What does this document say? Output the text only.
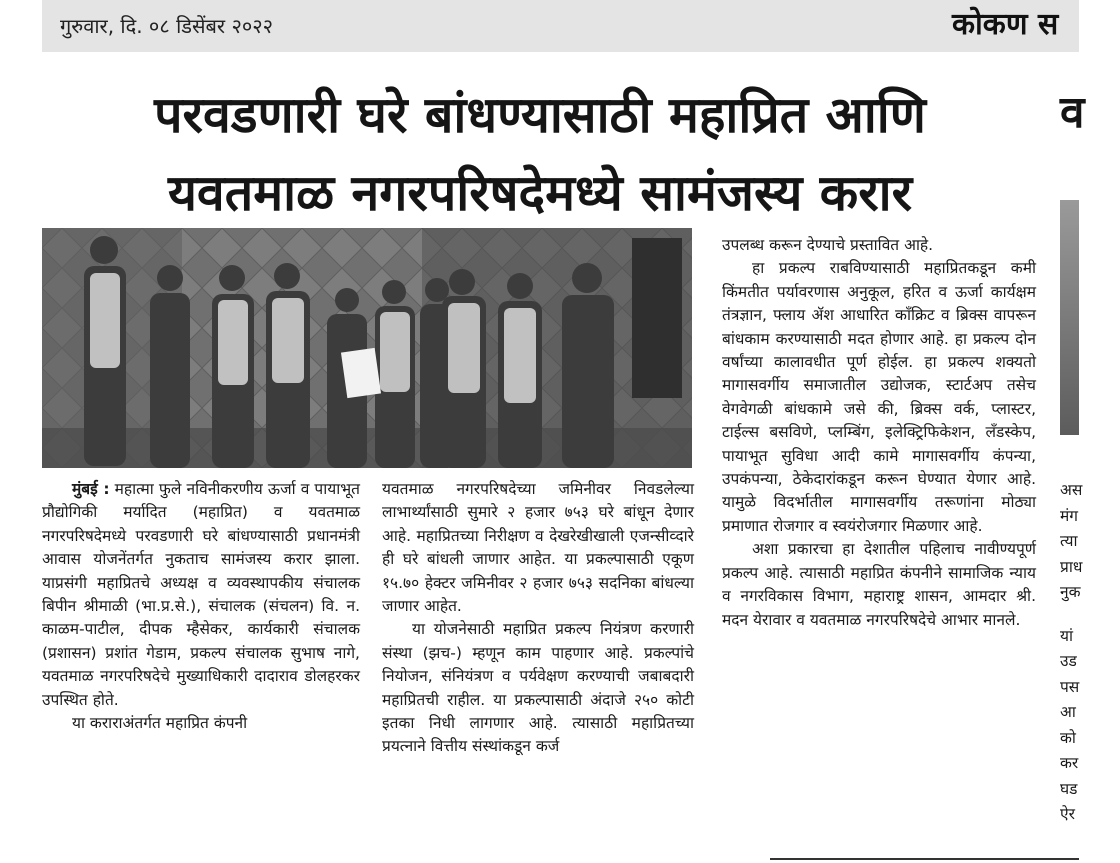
गुरुवार, दि. ०८ डिसेंबर २०२२	कोकण स
परवडणारी घरे बांधण्यासाठी महाप्रित आणि
यवतमाळ नगरपरिषदेमध्ये सामंजस्य करार
व

मुंबई : महात्मा फुले नविनीकरणीय ऊर्जा व पायाभूत प्रौद्योगिकी मर्यादित (महाप्रित) व यवतमाळ नगरपरिषदेमध्ये परवडणारी घरे बांधण्यासाठी प्रधानमंत्री आवास योजनेंतर्गत नुकताच सामंजस्य करार झाला. याप्रसंगी महाप्रितचे अध्यक्ष व व्यवस्थापकीय संचालक बिपीन श्रीमाळी (भा.प्र.से.), संचालक (संचलन) वि. न. काळम-पाटील, दीपक म्हैसेकर, कार्यकारी संचालक (प्रशासन) प्रशांत गेडाम, प्रकल्प संचालक सुभाष नागे, यवतमाळ नगरपरिषदेचे मुख्याधिकारी दादाराव डोलहरकर उपस्थित होते.

या कराराअंतर्गत महाप्रित कंपनी

यवतमाळ नगरपरिषदेच्या जमिनीवर निवडलेल्या लाभार्थ्यांसाठी सुमारे २ हजार ७५३ घरे बांधून देणार आहे. महाप्रितच्या निरीक्षण व देखरेखीखाली एजन्सीव्दारे ही घरे बांधली जाणार आहेत. या प्रकल्पासाठी एकूण १५.७० हेक्टर जमिनीवर २ हजार ७५३ सदनिका बांधल्या जाणार आहेत.

या योजनेसाठी महाप्रित प्रकल्प नियंत्रण करणारी संस्था (झच-) म्हणून काम पाहणार आहे. प्रकल्पांचे नियोजन, संनियंत्रण व पर्यवेक्षण करण्याची जबाबदारी महाप्रितची राहील. या प्रकल्पासाठी अंदाजे २५० कोटी इतका निधी लागणार आहे. त्यासाठी महाप्रितच्या प्रयत्नाने वित्तीय संस्थांकडून कर्ज

उपलब्ध करून देण्याचे प्रस्तावित आहे.

हा प्रकल्प राबविण्यासाठी महाप्रितकडून कमी किंमतीत पर्यावरणास अनुकूल, हरित व ऊर्जा कार्यक्षम तंत्रज्ञान, फ्लाय ॲश आधारित काँक्रिट व ब्रिक्स वापरून बांधकाम करण्यासाठी मदत होणार आहे. हा प्रकल्प दोन वर्षांच्या कालावधीत पूर्ण होईल. हा प्रकल्प शक्यतो मागासवर्गीय समाजातील उद्योजक, स्टार्टअप तसेच वेगवेगळी बांधकामे जसे की, ब्रिक्स वर्क, प्लास्टर, टाईल्स बसविणे, प्लम्बिंग, इलेक्ट्रिफिकेशन, लॅंडस्केप, पायाभूत सुविधा आदी कामे मागासवर्गीय कंपन्या, उपकंपन्या, ठेकेदारांकडून करून घेण्यात येणार आहे. यामुळे विदर्भातील मागासवर्गीय तरूणांना मोठ्या प्रमाणात रोजगार व स्वयंरोजगार मिळणार आहे.

अशा प्रकारचा हा देशातील पहिलाच नावीण्यपूर्ण प्रकल्प आहे. त्यासाठी महाप्रित कंपनीने सामाजिक न्याय व नगरविकास विभाग, महाराष्ट्र शासन, आमदार श्री. मदन येरावार व यवतमाळ नगरपरिषदेचे आभार मानले.

अस
मंग
त्या
प्राध
नुक
यां
उड
पस
आ
को
कर
घड
ऐर
